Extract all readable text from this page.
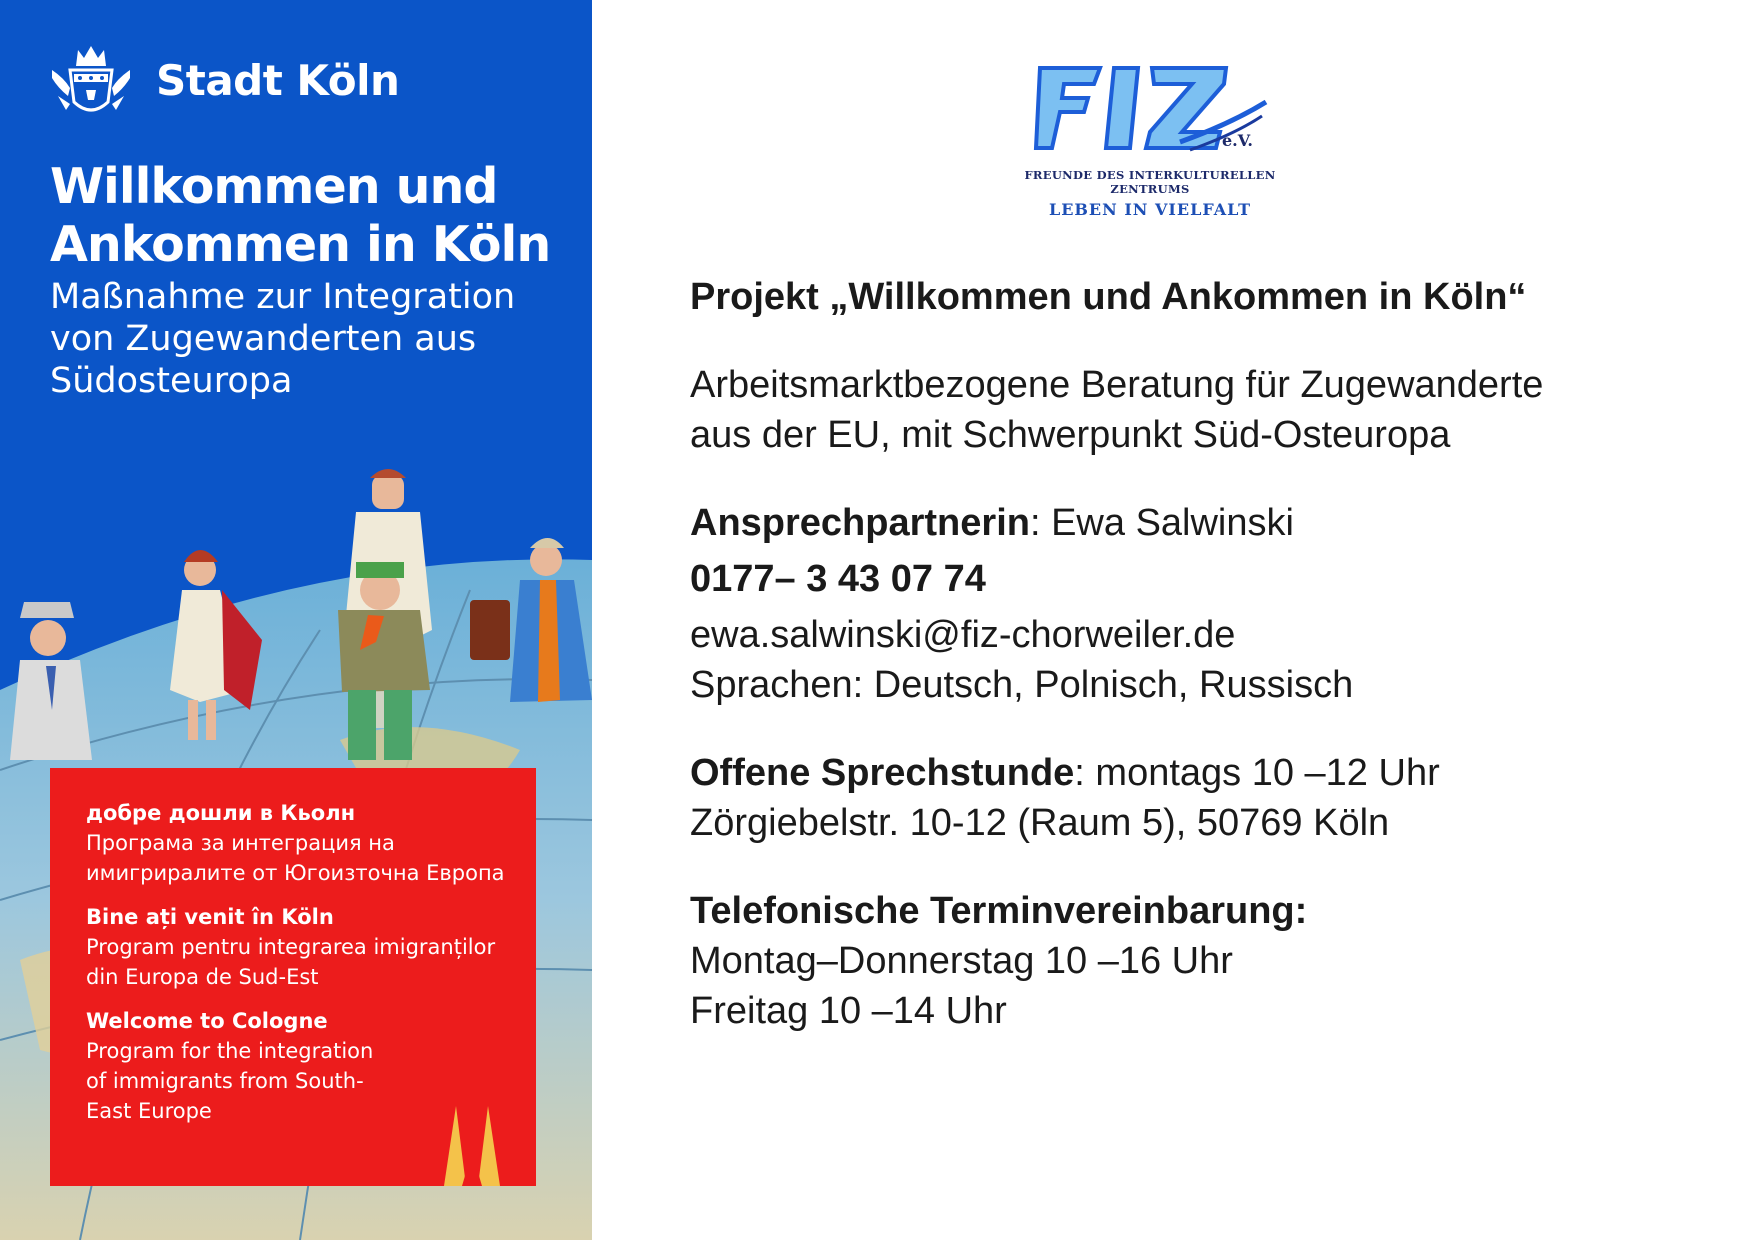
Stadt Köln
Willkommen und
Ankommen in Köln

Maßnahme zur Integration von Zugewanderten aus Südosteuropa

добре дошли в Кьолн
Програма за интеграция на имигриралите от Югоизточна Европа
Bine ați venit în Köln
Program pentru integrarea imigranților din Europa de Sud-Est
Welcome to Cologne
Program for the integration of immigrants from South-East Europe
e.V.
FREUNDE DES INTERKULTURELLEN ZENTRUMS
LEBEN IN VIELFALT

Projekt „Willkommen und Ankommen in Köln“

Arbeitsmarktbezogene Beratung für Zugewanderte
aus der EU, mit Schwerpunkt Süd-Osteuropa

Ansprechpartnerin: Ewa Salwinski

0177– 3 43 07 74

ewa.salwinski@fiz-chorweiler.de
Sprachen: Deutsch, Polnisch, Russisch

Offene Sprechstunde: montags 10 –12 Uhr
Zörgiebelstr. 10-12 (Raum 5), 50769 Köln

Telefonische Terminvereinbarung:
Montag–Donnerstag 10 –16 Uhr
Freitag 10 –14 Uhr
